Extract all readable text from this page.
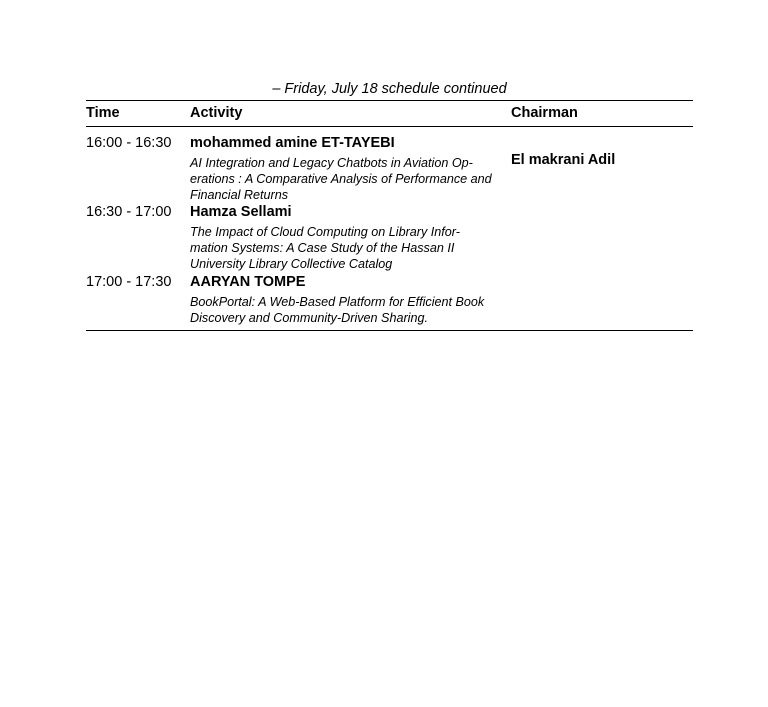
– Friday, July 18 schedule continued
Time	Activity	Chairman
16:00 - 16:30 mohammed amine ET-TAYEBI
AI Integration and Legacy Chatbots in Aviation Op- erations : A Comparative Analysis of Performance and Financial Returns
El makrani Adil
16:30 - 17:00 Hamza Sellami
The Impact of Cloud Computing on Library Infor- mation Systems: A Case Study of the Hassan II University Library Collective Catalog
17:00 - 17:30 AARYAN TOMPE
BookPortal: A Web-Based Platform for Efficient Book Discovery and Community-Driven Sharing.
